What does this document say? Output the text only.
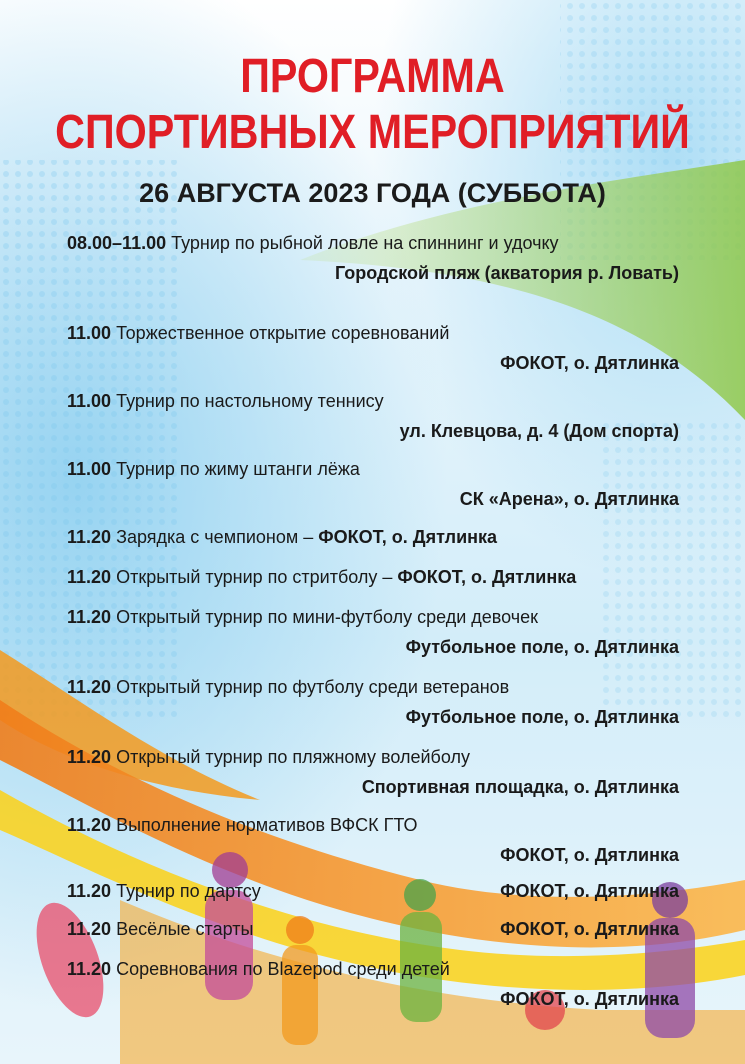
ПРОГРАММА
СПОРТИВНЫХ МЕРОПРИЯТИЙ
26 АВГУСТА 2023 ГОДА (СУББОТА)
08.00–11.00 Турнир по рыбной ловле на спиннинг и удочку
Городской пляж (акватория р. Ловать)
11.00 Торжественное открытие соревнований
ФОКОТ, о. Дятлинка
11.00 Турнир по настольному теннису
ул. Клевцова, д. 4 (Дом спорта)
11.00 Турнир по жиму штанги лёжа
СК «Арена», о. Дятлинка
11.20 Зарядка с чемпионом – ФОКОТ, о. Дятлинка
11.20 Открытый турнир по стритболу – ФОКОТ, о. Дятлинка
11.20 Открытый турнир по мини-футболу среди девочек
Футбольное поле, о. Дятлинка
11.20 Открытый турнир по футболу среди ветеранов
Футбольное поле, о. Дятлинка
11.20 Открытый турнир по пляжному волейболу
Спортивная площадка, о. Дятлинка
11.20 Выполнение нормативов ВФСК ГТО
ФОКОТ, о. Дятлинка
11.20 Турнир по дартсу	ФОКОТ, о. Дятлинка
11.20 Весёлые старты	ФОКОТ, о. Дятлинка
11.20 Соревнования по Blazepod среди детей
ФОКОТ, о. Дятлинка
